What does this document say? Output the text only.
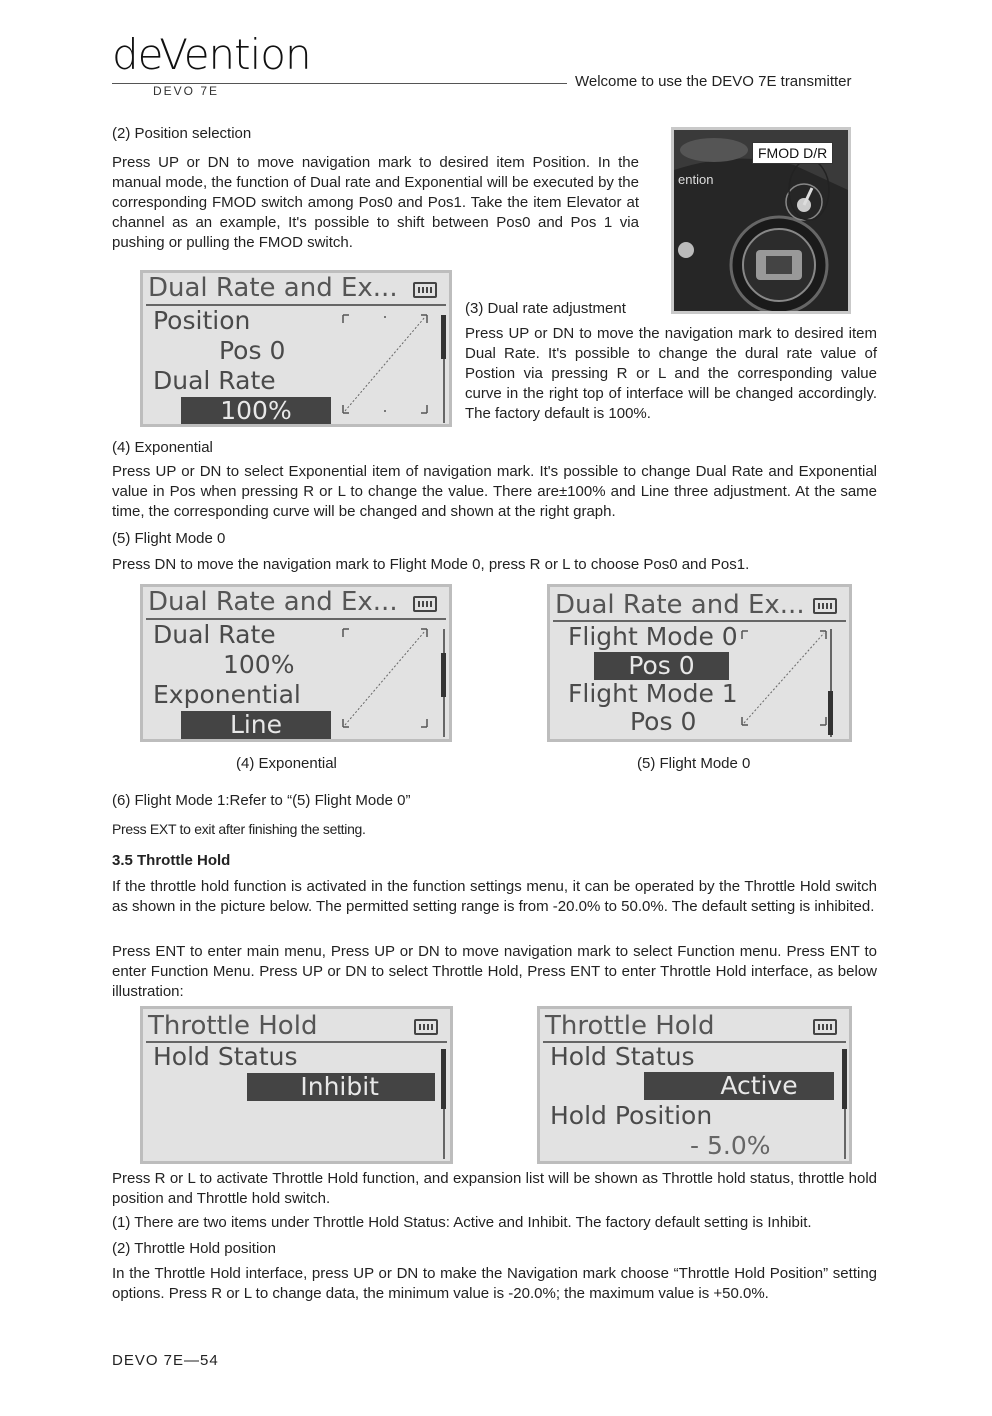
deVention
DEVO 7E
Welcome to use the DEVO 7E transmitter
(2) Position selection
Press UP or DN to move navigation mark to desired item Position. In the manual mode, the function of Dual rate and Exponential will be executed by the corresponding FMOD switch among Pos0 and Pos1. Take the item Elevator at channel as an example, It's possible to shift between Pos0 and Pos 1 via pushing or pulling the FMOD switch.
ention
FMOD D/R
Dual Rate and Ex...
Position
Pos 0
Dual Rate
100%
(3) Dual rate adjustment
Press UP or DN to move the navigation mark to desired item Dual Rate. It's possible to change the dural rate value of Postion via pressing R or L and the corresponding value curve in the right top of interface will be changed accordingly. The factory default is 100%.
(4) Exponential
Press UP or DN to select Exponential item of navigation mark. It's possible to change Dual Rate and Exponential value in Pos when pressing R or L to change the value. There are±100% and Line three adjustment. At the same time, the corresponding curve will be changed and shown at the right graph.
(5) Flight Mode 0
Press DN to move the navigation mark to Flight Mode 0, press R or L to choose Pos0 and Pos1.
Dual Rate and Ex...
Dual Rate
100%
Exponential
Line
(4) Exponential
Dual Rate and Ex...
Flight Mode 0
Pos 0
Flight Mode 1
Pos 0
(5) Flight Mode 0
(6) Flight Mode 1:Refer to “(5) Flight Mode 0”
Press EXT to exit after finishing the setting.
3.5 Throttle Hold
If the throttle hold function is activated in the function settings menu, it can be operated by the Throttle Hold switch as shown in the picture below. The permitted setting range is from -20.0% to 50.0%. The default setting is inhibited.
Press ENT to enter main menu, Press UP or DN to move navigation mark to select Function menu. Press ENT to enter Function Menu. Press UP or DN to select Throttle Hold, Press ENT to enter Throttle Hold interface, as below illustration:
Throttle Hold
Hold Status
Inhibit
Throttle Hold
Hold Status
Active
Hold Position
- 5.0%
Press R or L to activate Throttle Hold function, and expansion list will be shown as Throttle hold status, throttle hold position and Throttle hold switch.
(1) There are two items under Throttle Hold Status: Active and Inhibit. The factory default setting is Inhibit.
(2) Throttle Hold position
In the Throttle Hold interface, press UP or DN to make the Navigation mark choose “Throttle Hold Position” setting options. Press R or L to change data, the minimum value is -20.0%; the maximum value is +50.0%.
DEVO 7E—54
